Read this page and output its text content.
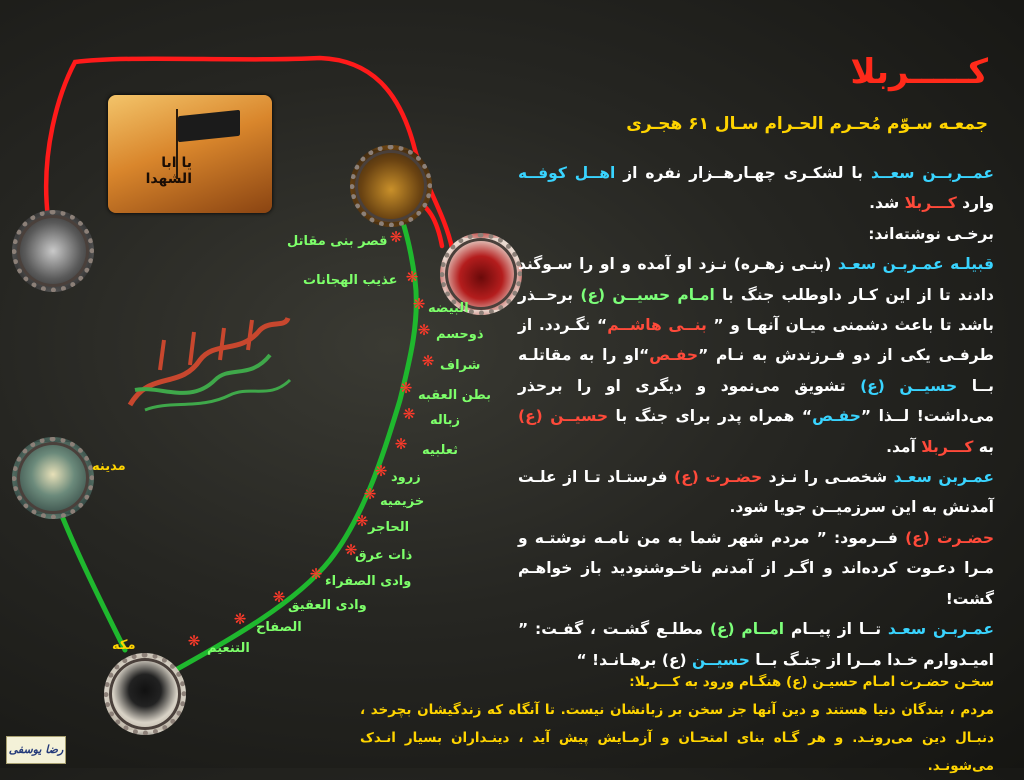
❋
❋
❋
❋
❋
❋
❋
❋
❋
❋
❋
❋
❋
❋
❋
❋
یا ابا الشهدا
قصر بنی مقاتل
عذیب الهجانات
البیضه
ذوحسم
شراف
بطن العقبه
زباله
ثعلبیه
زرود
خزیمیه
الحاجر
ذات عرق
وادی الصفراء
وادی العقیق
الصفاح
التنعیم
مدینه
مکه
کـــــربلا
جمعـه سـوّم مُحـرم الحـرام سـال ۶۱ هجـری
عمــربــن سعــد با لشکـری چهـارهــزار نفره از اهــل کوفــه وارد کـــربلا شد.
برخـی نوشته‌اند:
قبیلـه عمـربـن سعـد (بنـی زهـره) نـزد او آمده و او را سـوگند دادند تا از این کـار داوطلب جنگ با امـام حسیــن (ع) برحــذر باشد تا باعث دشمنی میـان آنهـا و ” بنــی هاشــم“ نگـردد. از طرفـی یکی از دو فـرزندش به نـام ”حفـص“او را به مقاتلـه بــا حسیــن (ع) تشویق می‌نمود و دیگری او را برحذر می‌داشت! لــذا ”حفـص“ همراه پدر برای جنگ با حسیــن (ع) به کـــربلا آمد.
عمـربن سعـد شخصـی را نـزد حضـرت (ع) فرستـاد تـا از علـت آمدنش به این سرزمیــن جویا شود.
حضـرت (ع) فــرمود: ” مردم شهر شما به من نامـه نوشتـه و مـرا دعـوت کرده‌اند و اگـر از آمدنم ناخـوشنودید باز خواهـم گشت!
عمـربـن سعـد تــا از پیــام امــام (ع) مطلـع گشـت ، گفـت: ” امیـدوارم خـدا مــرا از جنـگ بــا حسیــن (ع) برهـانـد! “
سخـن حضـرت امـام حسیـن (ع) هنگـام ورود به کـــربلا:
مردم ، بندگان دنیا هستند و دین آنها جز سخن بر زبانشان نیست. تا آنگاه که زندگیشان بچرخد ، دنبـال دین می‌رونـد. و هر گـاه بنای امتحـان و آزمـایش پیش آید ، دینـداران بسیار انـدک می‌شونـد.
رضا یوسفی
